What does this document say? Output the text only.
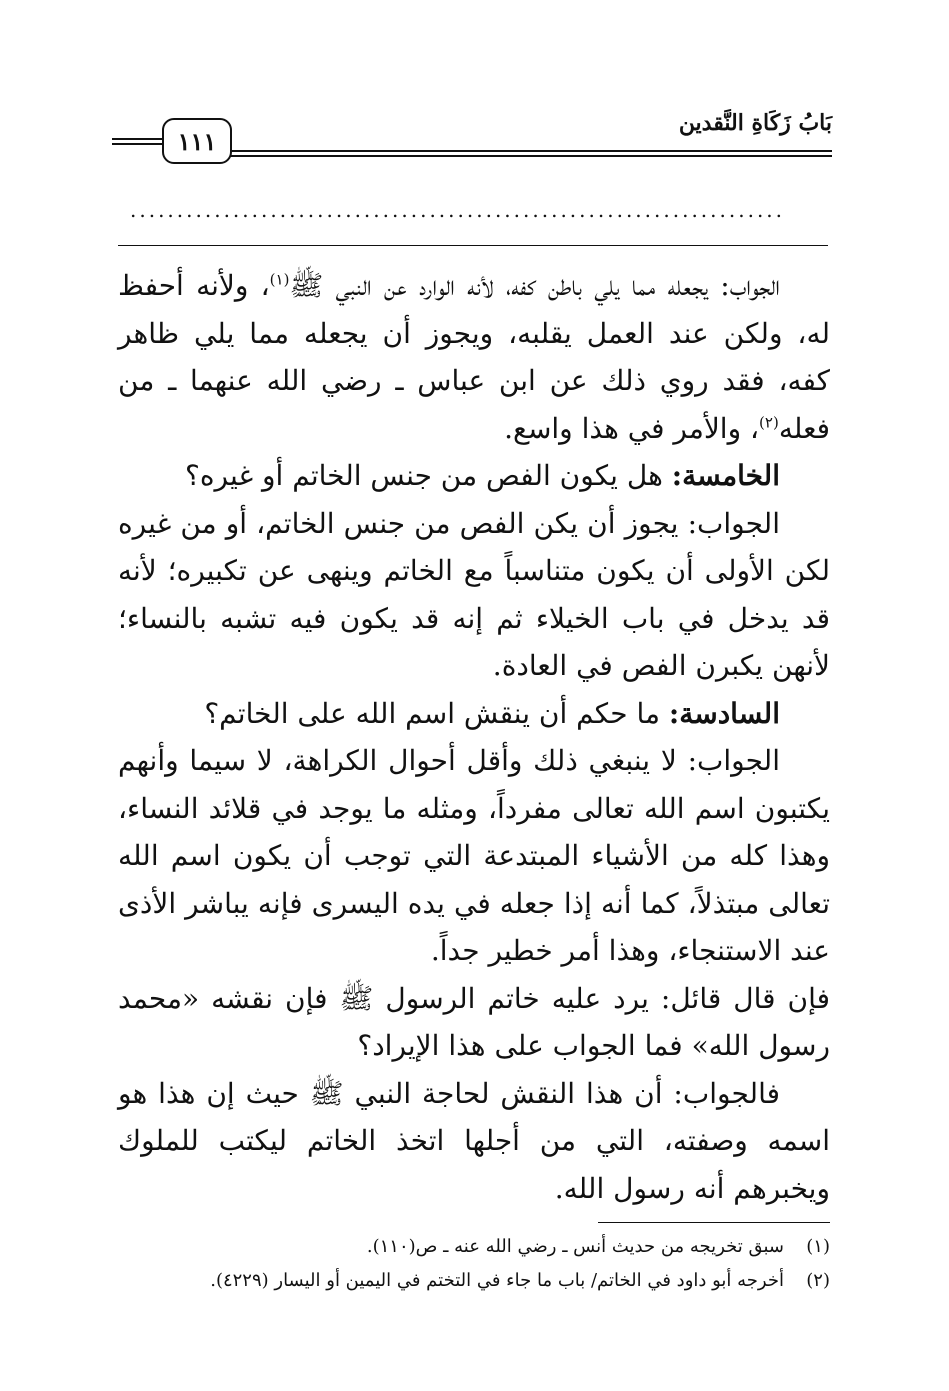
بَابُ زَكَاةِ النَّقدين
١١١
......................................................................

الجواب: يجعله مما يلي باطن كفه، لأنه الوارد عن النبي ﷺ$^{(١)}$، ولأنه أحفظ له، ولكن عند العمل يقلبه، ويجوز أن يجعله مما يلي ظاهر كفه، فقد روي ذلك عن ابن عباس ـ رضي الله عنهما ـ من فعله$^{(٢)}$، والأمر في هذا واسع.

الخامسة: هل يكون الفص من جنس الخاتم أو غيره؟

الجواب: يجوز أن يكن الفص من جنس الخاتم، أو من غيره لكن الأولى أن يكون متناسباً مع الخاتم وينهى عن تكبيره؛ لأنه قد يدخل في باب الخيلاء ثم إنه قد يكون فيه تشبه بالنساء؛ لأنهن يكبرن الفص في العادة.

السادسة: ما حكم أن ينقش اسم الله على الخاتم؟

الجواب: لا ينبغي ذلك وأقل أحوال الكراهة، لا سيما وأنهم يكتبون اسم الله تعالى مفرداً، ومثله ما يوجد في قلائد النساء، وهذا كله من الأشياء المبتدعة التي توجب أن يكون اسم الله تعالى مبتذلاً، كما أنه إذا جعله في يده اليسرى فإنه يباشر الأذى عند الاستنجاء، وهذا أمر خطير جداً.

فإن قال قائل: يرد عليه خاتم الرسول ﷺ فإن نقشه «محمد رسول الله» فما الجواب على هذا الإيراد؟

فالجواب: أن هذا النقش لحاجة النبي ﷺ حيث إن هذا هو اسمه وصفته، التي من أجلها اتخذ الخاتم ليكتب للملوك ويخبرهم أنه رسول الله.

(١)
سبق تخريجه من حديث أنس ـ رضي الله عنه ـ ص(١١٠).
(٢)
أخرجه أبو داود في الخاتم/ باب ما جاء في التختم في اليمين أو اليسار (٤٢٢٩).
